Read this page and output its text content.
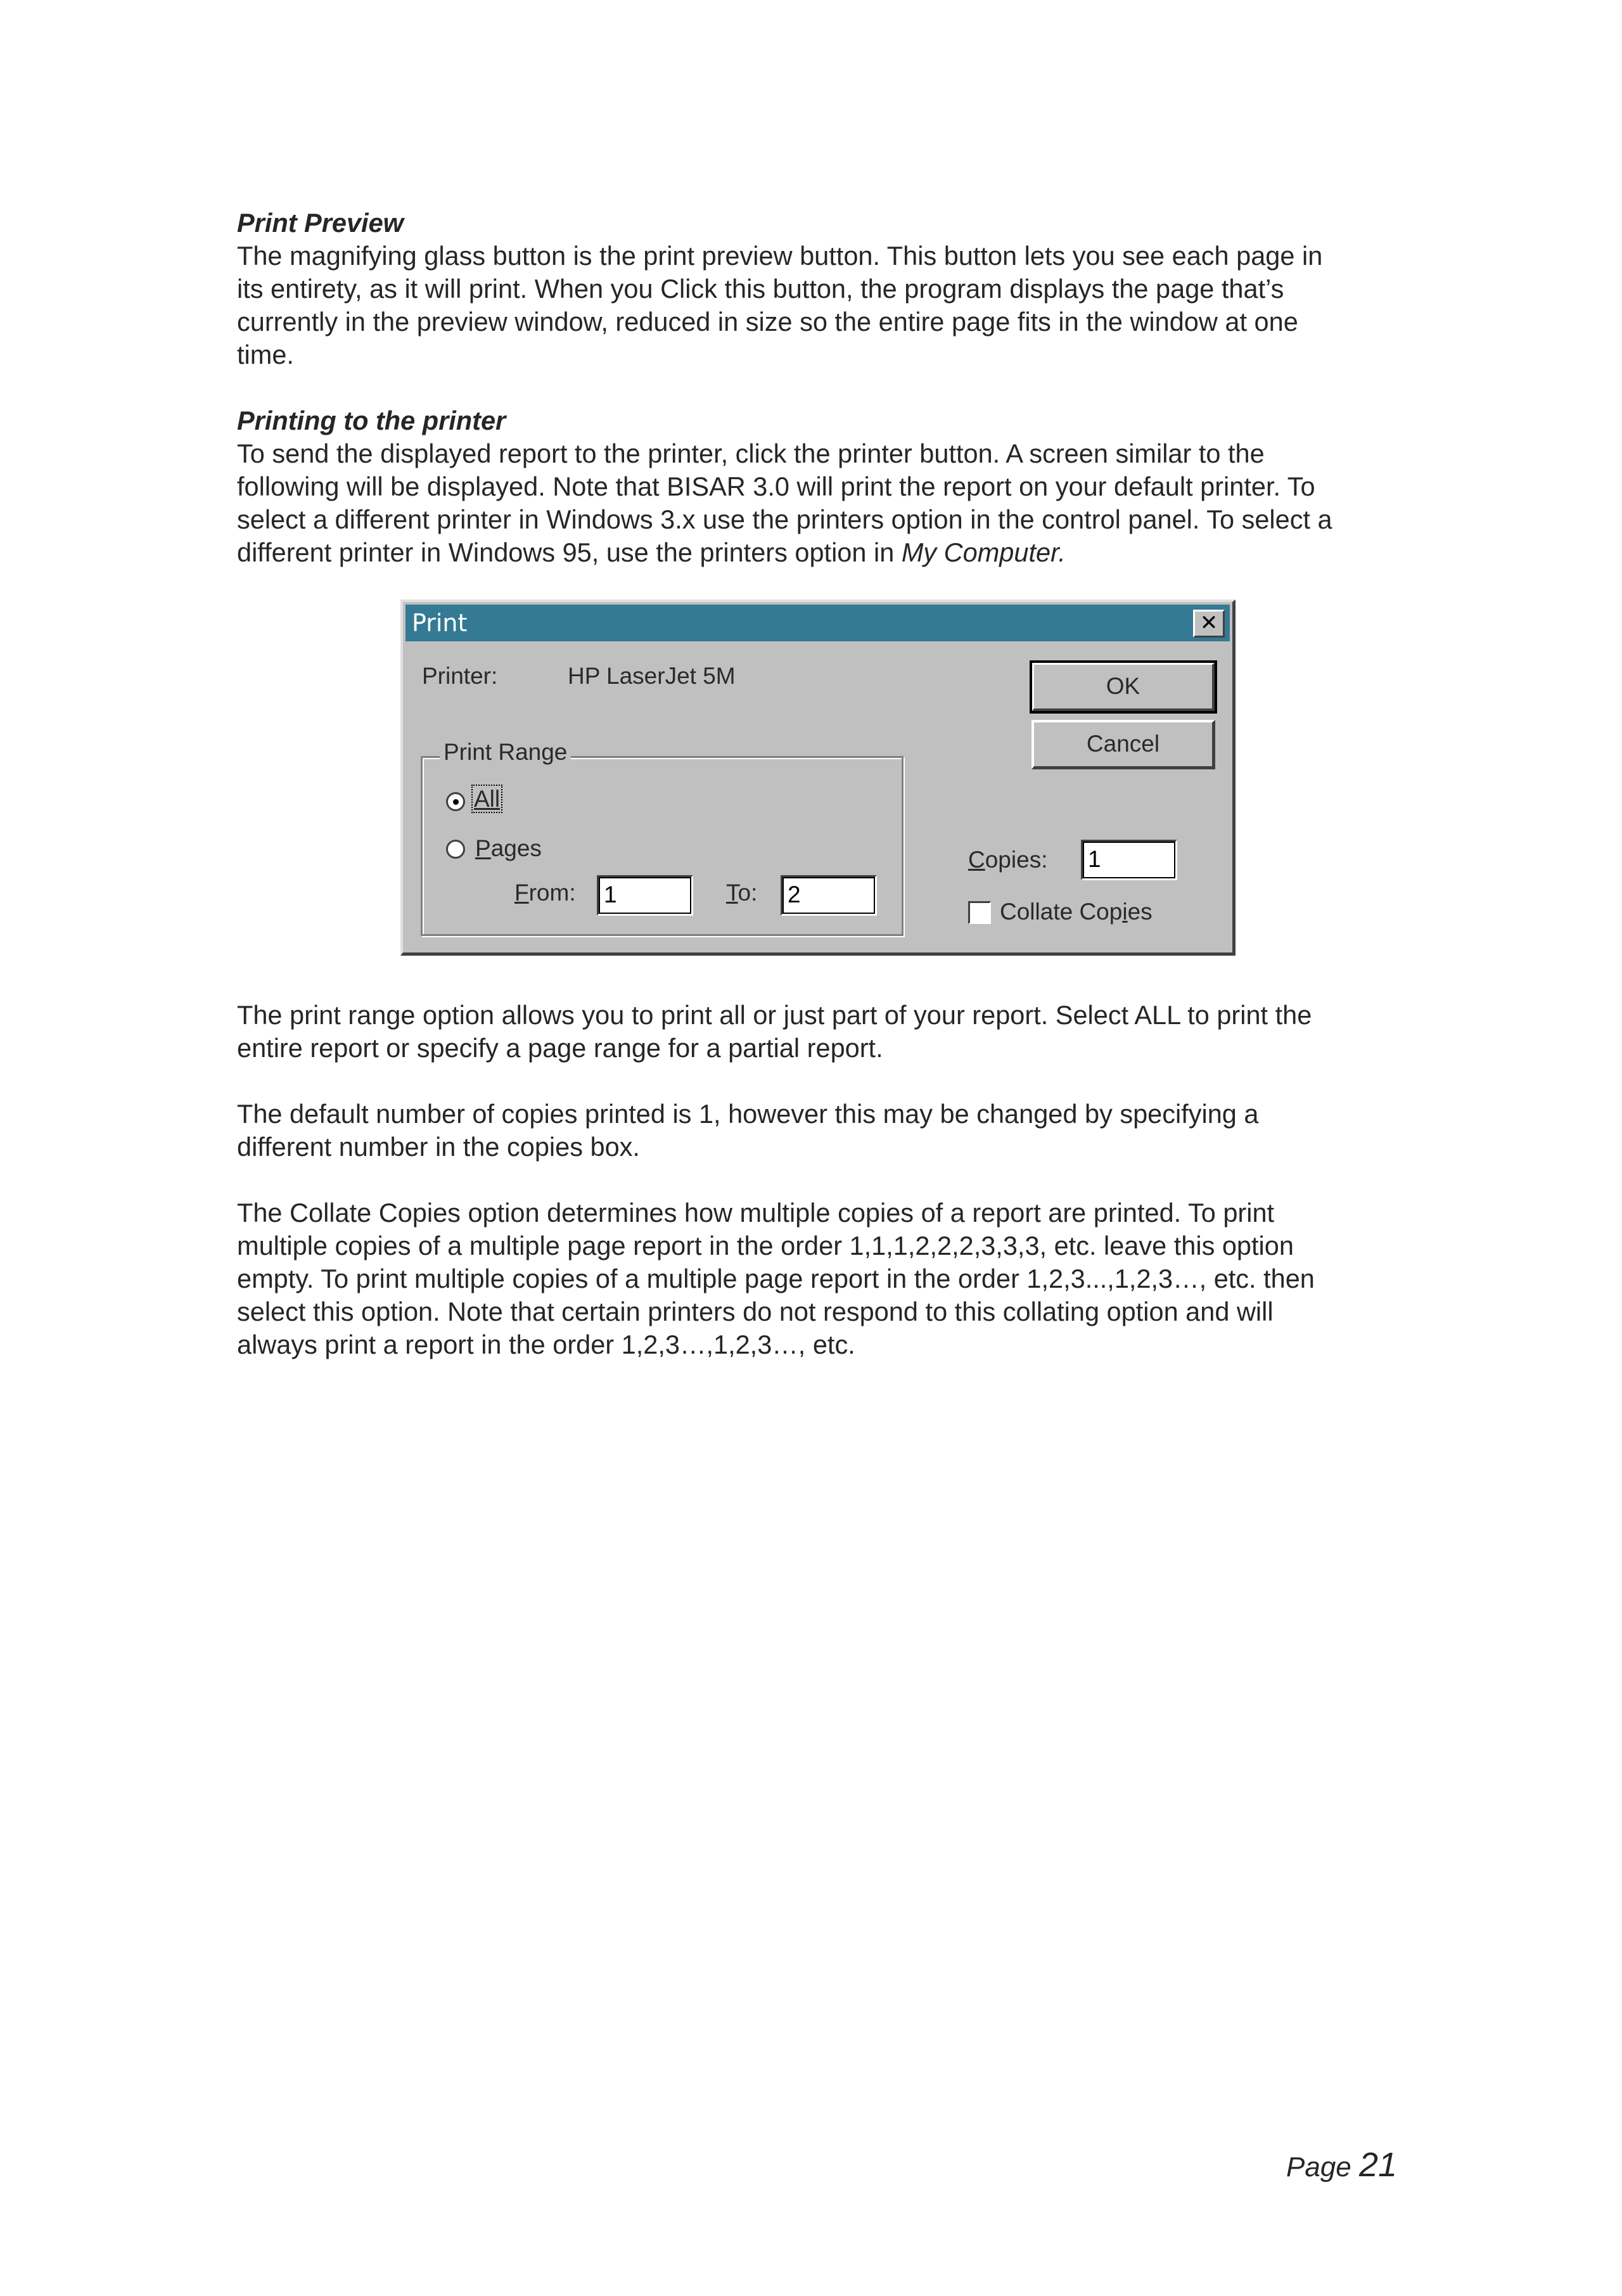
Print Preview

The magnifying glass button is the print preview button. This button lets you see each page in

its entirety, as it will print. When you Click this button, the program displays the page that’s

currently in the preview window, reduced in size so the entire page fits in the window at one

time.

Printing to the printer

To send the displayed report to the printer, click the printer button. A screen similar to the

following will be displayed. Note that BISAR 3.0 will print the report on your default printer. To

select a different printer in Windows 3.x use the printers option in the control panel. To select a

different printer in Windows 95, use the printers option in My Computer.

Print	✕
Printer:	HP LaserJet 5M	OK
Cancel
Print Range
All
Pages
From: 1	To: 2
Copies: 1
Collate Copies

The print range option allows you to print all or just part of your report. Select ALL to print the

entire report or specify a page range for a partial report.

The default number of copies printed is 1, however this may be changed by specifying a

different number in the copies box.

The Collate Copies option determines how multiple copies of a report are printed. To print

multiple copies of a multiple page report in the order 1,1,1,2,2,2,3,3,3, etc. leave this option

empty. To print multiple copies of a multiple page report in the order 1,2,3...,1,2,3…, etc. then

select this option. Note that certain printers do not respond to this collating option and will

always print a report in the order 1,2,3…,1,2,3…, etc.

Page 21
